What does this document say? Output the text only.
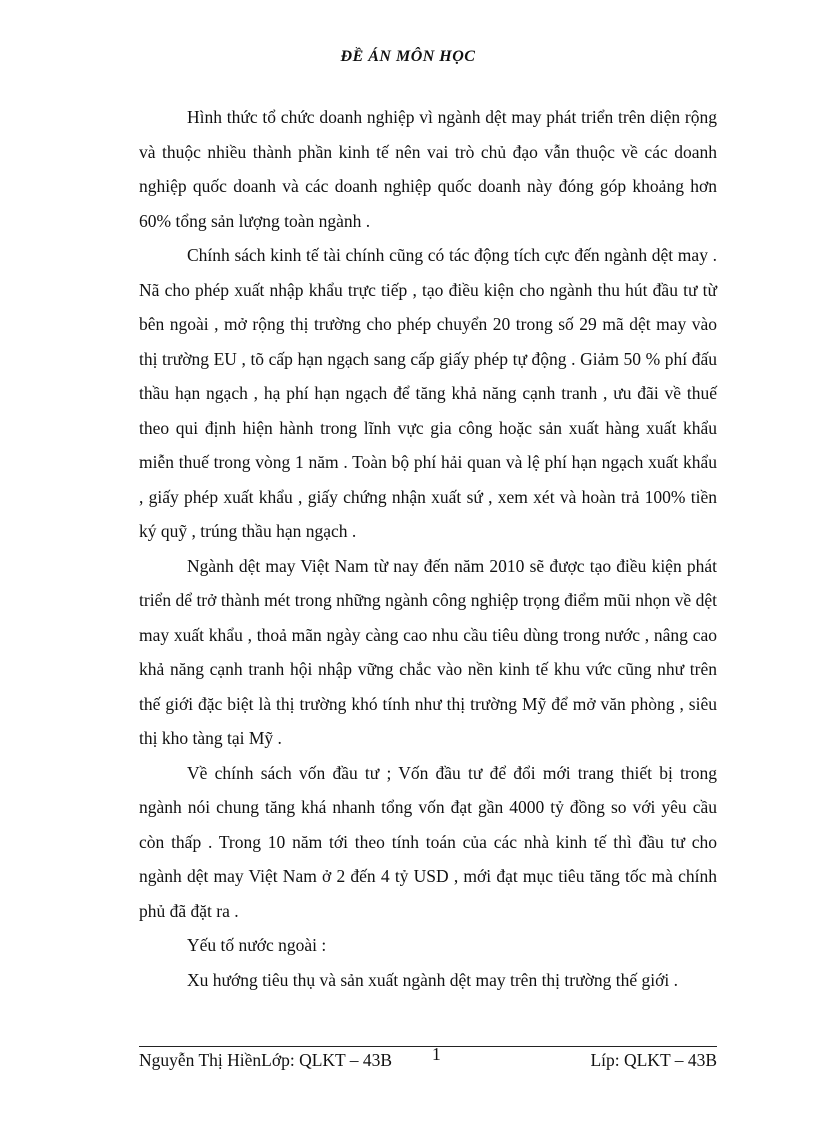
ĐỀ ÁN MÔN HỌC

Hình thức tổ chức doanh nghiệp vì ngành dệt may phát triển trên diện rộng và thuộc nhiều thành phần kinh tế nên vai trò chủ đạo vẫn thuộc về các doanh nghiệp quốc doanh và các doanh nghiệp quốc doanh này đóng góp khoảng hơn 60% tổng sản lượng toàn ngành .

Chính sách kinh tế tài chính cũng có tác động tích cực đến ngành dệt may . Nã cho phép xuất nhập khẩu trực tiếp , tạo điều kiện cho ngành thu hút đầu tư từ bên ngoài , mở rộng thị trường cho phép chuyển 20 trong số 29 mã dệt may vào thị trường EU , tõ cấp hạn ngạch sang cấp giấy phép tự động . Giảm 50 % phí đấu thầu hạn ngạch , hạ phí hạn ngạch để tăng khả năng cạnh tranh , ưu đãi về thuế theo qui định hiện hành trong lĩnh vực gia công hoặc sản xuất hàng xuất khẩu miễn thuế trong vòng 1 năm . Toàn bộ phí hải quan và lệ phí hạn ngạch xuất khẩu , giấy phép xuất khẩu , giấy chứng nhận xuất sứ , xem xét và hoàn trả 100% tiền ký quỹ , trúng thầu hạn ngạch .

Ngành dệt may Việt Nam từ nay đến năm 2010 sẽ được tạo điều kiện phát triển dể trở thành mét trong những ngành công nghiệp trọng điểm mũi nhọn về dệt may xuất khẩu , thoả mãn ngày càng cao nhu cầu tiêu dùng trong nước , nâng cao khả năng cạnh tranh hội nhập vững chắc vào nền kinh tế khu vức cũng như trên thế giới đặc biệt là thị trường khó tính như thị trường Mỹ để mở văn phòng , siêu thị kho tàng tại Mỹ .

Về chính sách vốn đầu tư ; Vốn đầu tư để đổi mới trang thiết bị trong ngành nói chung tăng khá nhanh tổng vốn đạt gần 4000 tỷ đồng so với yêu cầu còn thấp . Trong 10 năm tới theo tính toán của các nhà kinh tế thì đầu tư cho ngành dệt may Việt Nam ở 2 đến 4 tỷ USD , mới đạt mục tiêu tăng tốc mà chính phủ đã đặt ra .

Yếu tố nước ngoài :

Xu hướng tiêu thụ và sản xuất ngành dệt may trên thị trường thế giới .

Nguyễn Thị HiềnLớp: QLKT – 43B 1	Líp: QLKT – 43B
